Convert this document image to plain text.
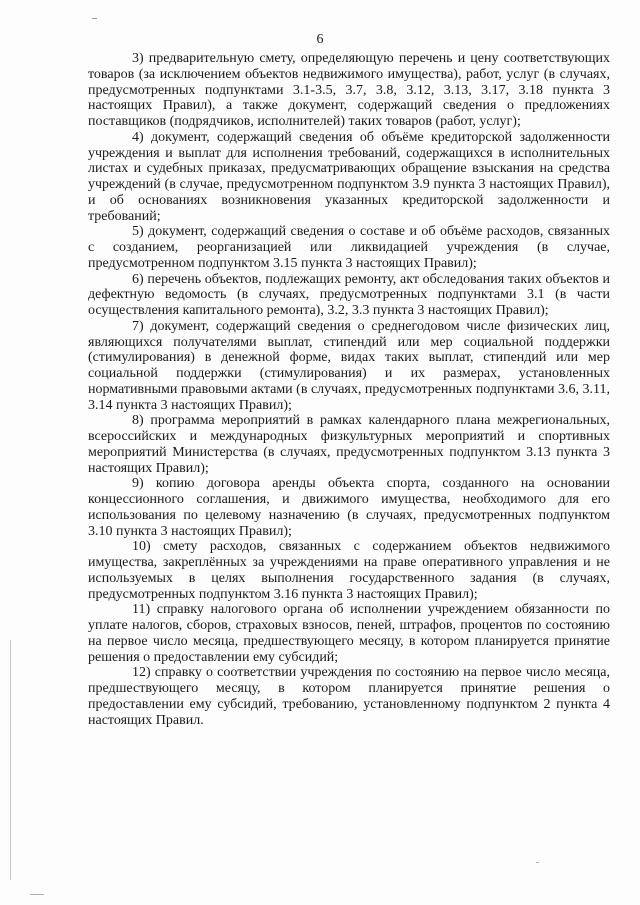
6

3) предварительную смету, определяющую перечень и цену соответствующих товаров (за исключением объектов недвижимого имущества), работ, услуг (в случаях, предусмотренных подпунктами 3.1-3.5, 3.7, 3.8, 3.12, 3.13, 3.17, 3.18 пункта 3 настоящих Правил), а также документ, содержащий сведения о предложениях поставщиков (подрядчиков, исполнителей) таких товаров (работ, услуг);

4) документ, содержащий сведения об объёме кредиторской задолженности учреждения и выплат для исполнения требований, содержащихся в исполнительных листах и судебных приказах, предусматривающих обращение взыскания на средства учреждений (в случае, предусмотренном подпунктом 3.9 пункта 3 настоящих Правил), и об основаниях возникновения указанных кредиторской задолженности и требований;

5) документ, содержащий сведения о составе и об объёме расходов, связанных с созданием, реорганизацией или ликвидацией учреждения (в случае, предусмотренном подпунктом 3.15 пункта 3 настоящих Правил);

6) перечень объектов, подлежащих ремонту, акт обследования таких объектов и дефектную ведомость (в случаях, предусмотренных подпунктами 3.1 (в части осуществления капитального ремонта), 3.2, 3.3 пункта 3 настоящих Правил);

7) документ, содержащий сведения о среднегодовом числе физических лиц, являющихся получателями выплат, стипендий или мер социальной поддержки (стимулирования) в денежной форме, видах таких выплат, стипендий или мер социальной поддержки (стимулирования) и их размерах, установленных нормативными правовыми актами (в случаях, предусмотренных подпунктами 3.6, 3.11, 3.14 пункта 3 настоящих Правил);

8) программа мероприятий в рамках календарного плана межрегиональных, всероссийских и международных физкультурных мероприятий и спортивных мероприятий Министерства (в случаях, предусмотренных подпунктом 3.13 пункта 3 настоящих Правил);

9) копию договора аренды объекта спорта, созданного на основании концессионного соглашения, и движимого имущества, необходимого для его использования по целевому назначению (в случаях, предусмотренных подпунктом 3.10 пункта 3 настоящих Правил);

10) смету расходов, связанных с содержанием объектов недвижимого имущества, закреплённых за учреждениями на праве оперативного управления и не используемых в целях выполнения государственного задания (в случаях, предусмотренных подпунктом 3.16 пункта 3 настоящих Правил);

11) справку налогового органа об исполнении учреждением обязанности по уплате налогов, сборов, страховых взносов, пеней, штрафов, процентов по состоянию на первое число месяца, предшествующего месяцу, в котором планируется принятие решения о предоставлении ему субсидий;

12) справку о соответствии учреждения по состоянию на первое число месяца, предшествующего месяцу, в котором планируется принятие решения о предоставлении ему субсидий, требованию, установленному подпунктом 2 пункта 4 настоящих Правил.
